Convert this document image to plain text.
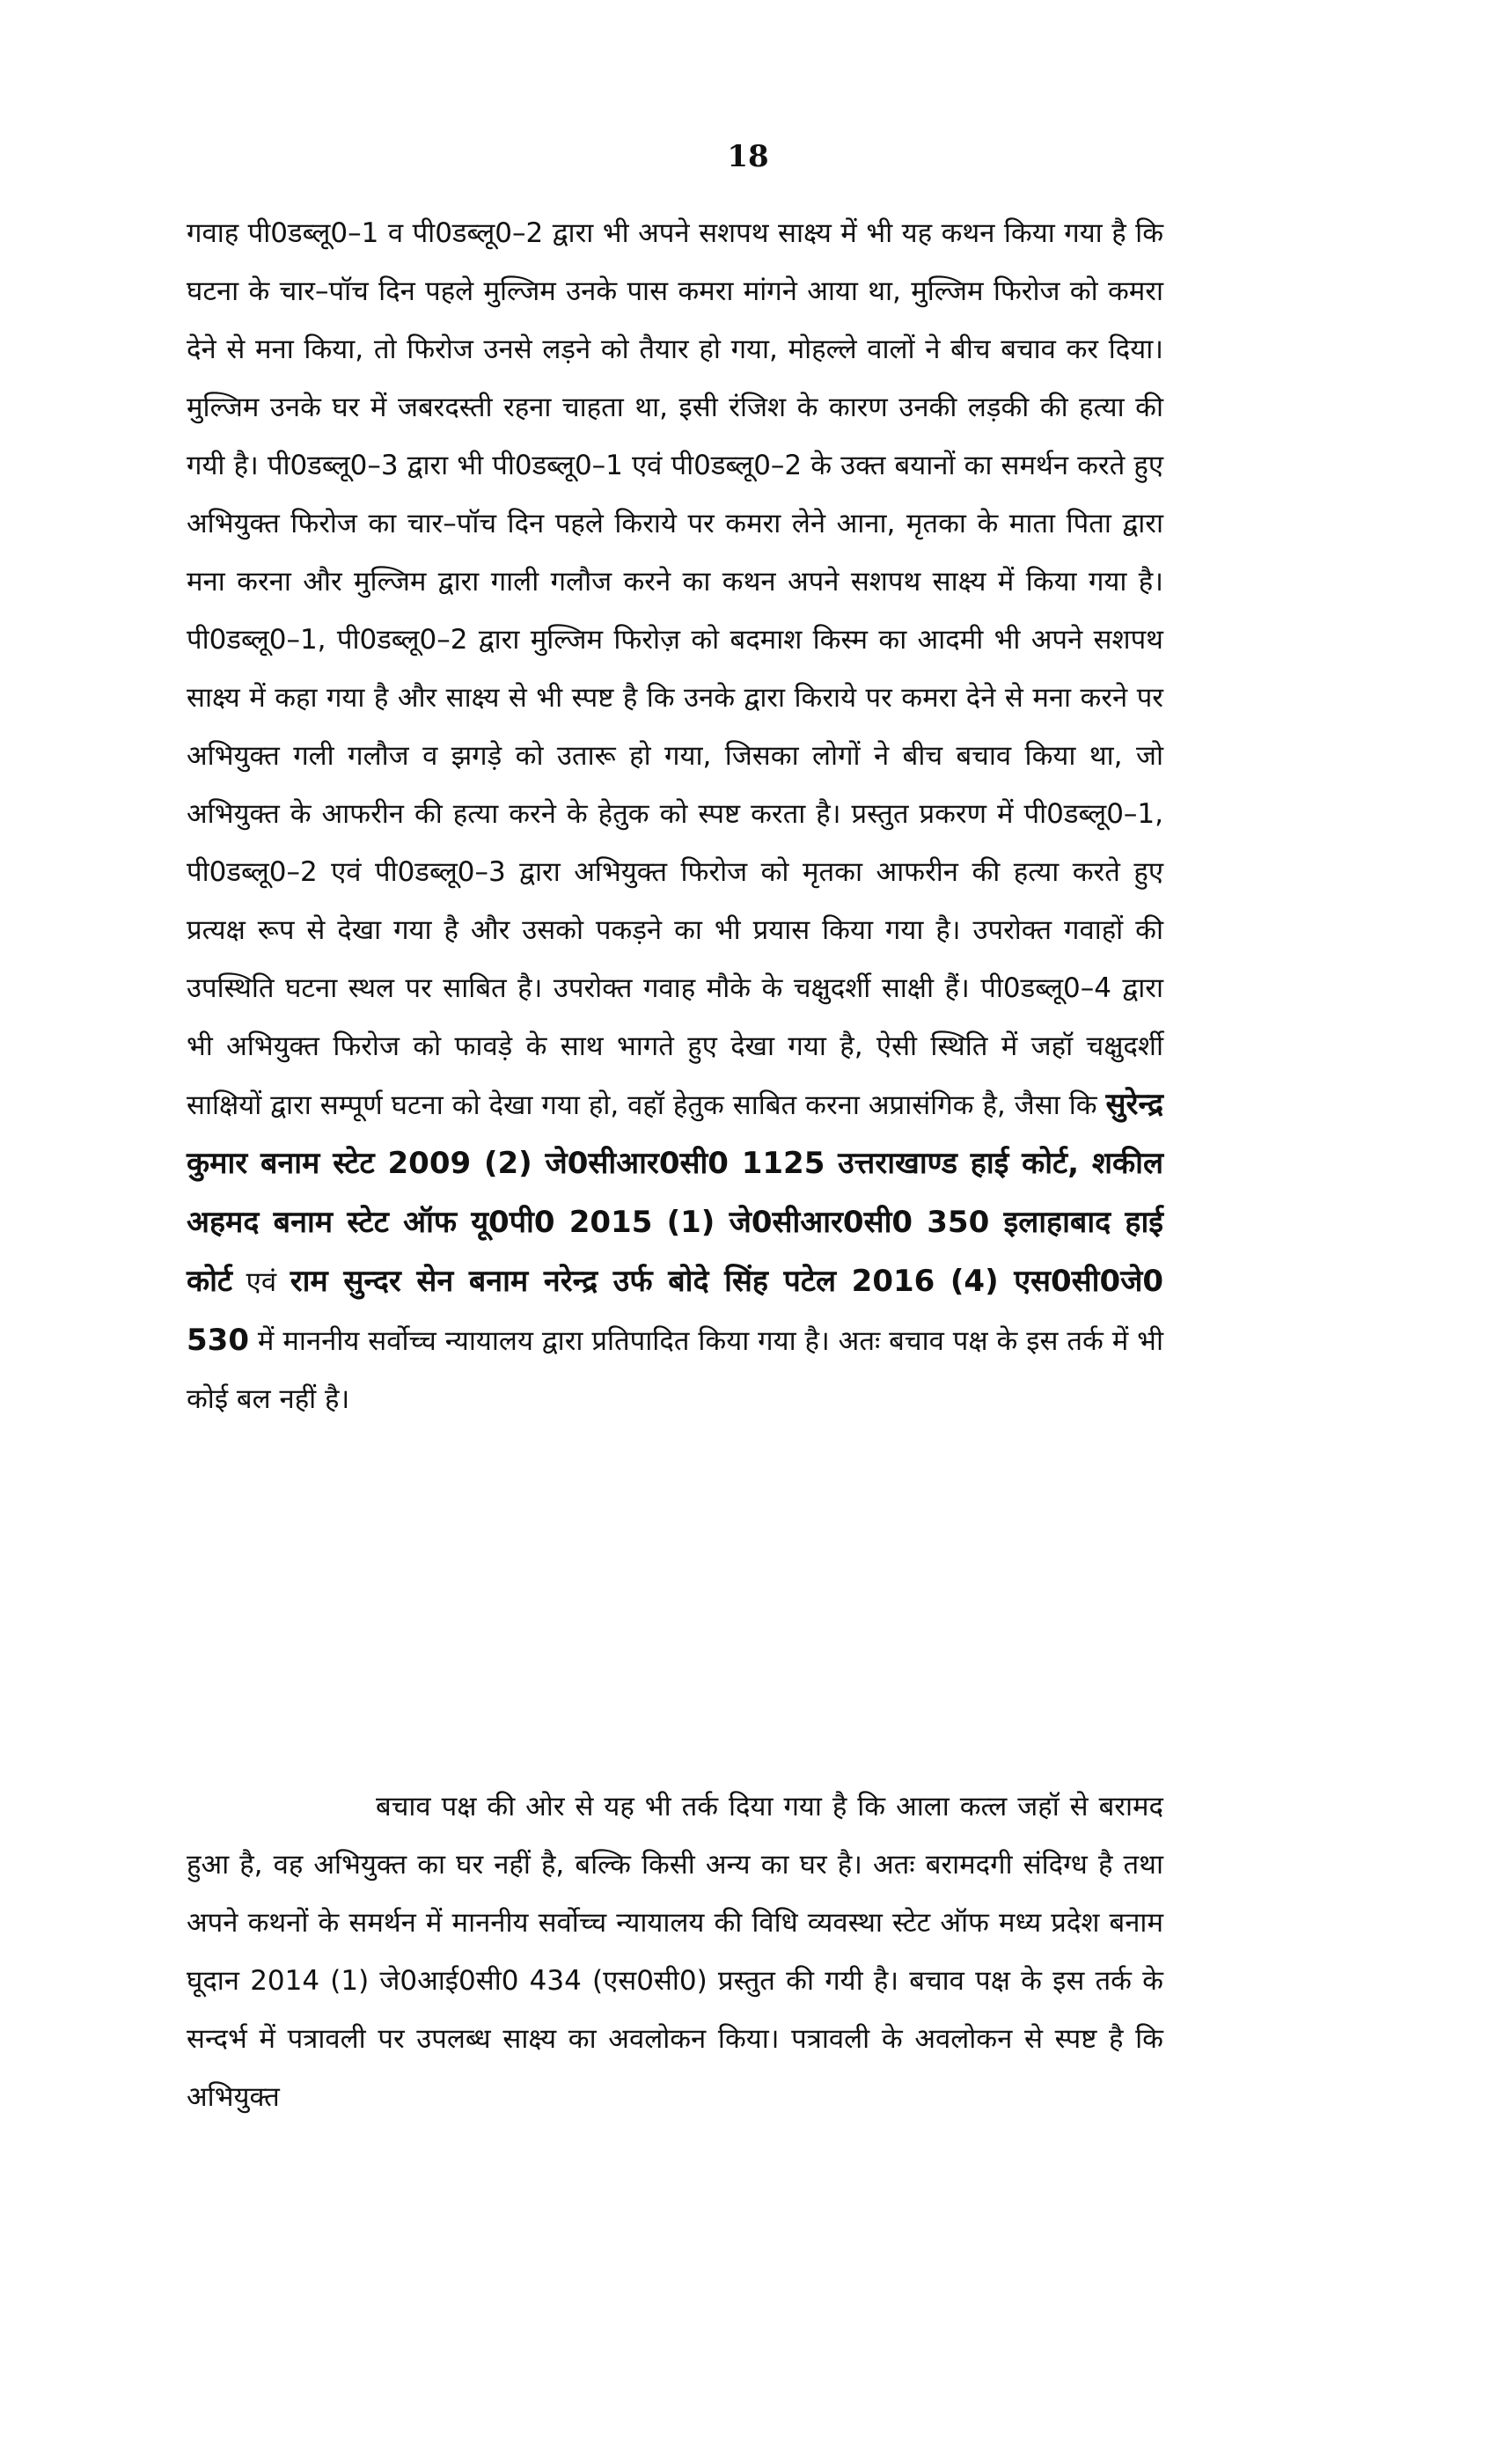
18

गवाह पी0डब्लू0–1 व पी0डब्लू0–2 द्वारा भी अपने सशपथ साक्ष्य में भी यह कथन किया गया है कि घटना के चार–पॉच दिन पहले मुल्जिम उनके पास कमरा मांगने आया था, मुल्जिम फिरोज को कमरा देने से मना किया, तो फिरोज उनसे लड़ने को तैयार हो गया, मोहल्ले वालों ने बीच बचाव कर दिया। मुल्जिम उनके घर में जबरदस्ती रहना चाहता था, इसी रंजिश के कारण उनकी लड़की की हत्या की गयी है। पी0डब्लू0–3 द्वारा भी पी0डब्लू0–1 एवं पी0डब्लू0–2 के उक्त बयानों का समर्थन करते हुए अभियुक्त फिरोज का चार–पॉच दिन पहले किराये पर कमरा लेने आना, मृतका के माता पिता द्वारा मना करना और मुल्जिम द्वारा गाली गलौज करने का कथन अपने सशपथ साक्ष्य में किया गया है। पी0डब्लू0–1, पी0डब्लू0–2 द्वारा मुल्जिम फिरोज़ को बदमाश किस्म का आदमी भी अपने सशपथ साक्ष्य में कहा गया है और साक्ष्य से भी स्पष्ट है कि उनके द्वारा किराये पर कमरा देने से मना करने पर अभियुक्त गली गलौज व झगड़े को उतारू हो गया, जिसका लोगों ने बीच बचाव किया था, जो अभियुक्त के आफरीन की हत्या करने के हेतुक को स्पष्ट करता है। प्रस्तुत प्रकरण में पी0डब्लू0–1, पी0डब्लू0–2 एवं पी0डब्लू0–3 द्वारा अभियुक्त फिरोज को मृतका आफरीन की हत्या करते हुए प्रत्यक्ष रूप से देखा गया है और उसको पकड़ने का भी प्रयास किया गया है। उपरोक्त गवाहों की उपस्थिति घटना स्थल पर साबित है। उपरोक्त गवाह मौके के चक्षुदर्शी साक्षी हैं। पी0डब्लू0–4 द्वारा भी अभियुक्त फिरोज को फावड़े के साथ भागते हुए देखा गया है, ऐसी स्थिति में जहॉ चक्षुदर्शी साक्षियों द्वारा सम्पूर्ण घटना को देखा गया हो, वहॉ हेतुक साबित करना अप्रासंगिक है, जैसा कि सुरेन्द्र कुमार बनाम स्टेट 2009 (2) जे0सीआर0सी0 1125 उत्तराखाण्ड हाई कोर्ट, शकील अहमद बनाम स्टेट ऑफ यू0पी0 2015 (1) जे0सीआर0सी0 350 इलाहाबाद हाई कोर्ट एवं राम सुन्दर सेन बनाम नरेन्द्र उर्फ बोदे सिंह पटेल 2016 (4) एस0सी0जे0 530 में माननीय सर्वोच्च न्यायालय द्वारा प्रतिपादित किया गया है। अतः बचाव पक्ष के इस तर्क में भी कोई बल नहीं है।

बचाव पक्ष की ओर से यह भी तर्क दिया गया है कि आला कत्ल जहॉ से बरामद हुआ है, वह अभियुक्त का घर नहीं है, बल्कि किसी अन्य का घर है। अतः बरामदगी संदिग्ध है तथा अपने कथनों के समर्थन में माननीय सर्वोच्च न्यायालय की विधि व्यवस्था स्टेट ऑफ मध्य प्रदेश बनाम घूदान 2014 (1) जे0आई0सी0 434 (एस0सी0) प्रस्तुत की गयी है। बचाव पक्ष के इस तर्क के सन्दर्भ में पत्रावली पर उपलब्ध साक्ष्य का अवलोकन किया। पत्रावली के अवलोकन से स्पष्ट है कि अभियुक्त
